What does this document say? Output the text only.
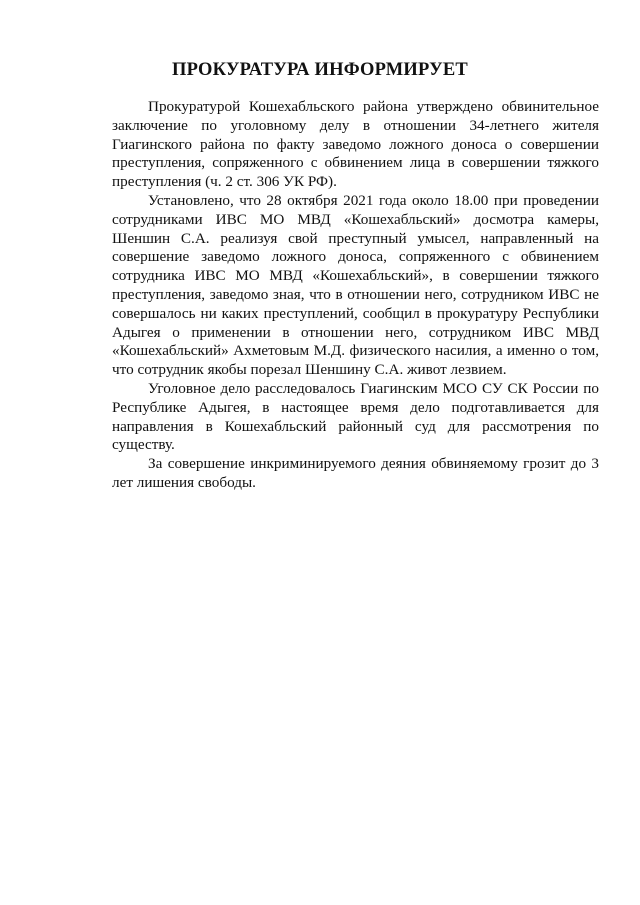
ПРОКУРАТУРА ИНФОРМИРУЕТ

Прокуратурой Кошехабльского района утверждено обвинительное заключение по уголовному делу в отношении 34-летнего жителя Гиагинского района по факту заведомо ложного доноса о совершении преступления, сопряженного с обвинением лица в совершении тяжкого преступления (ч. 2 ст. 306 УК РФ).

Установлено, что 28 октября 2021 года около 18.00 при проведении сотрудниками ИВС МО МВД «Кошехабльский» досмотра камеры, Шеншин С.А. реализуя свой преступный умысел, направленный на совершение заведомо ложного доноса, сопряженного с обвинением сотрудника ИВС МО МВД «Кошехабльский», в совершении тяжкого преступления, заведомо зная, что в отношении него, сотрудником ИВС не совершалось ни каких преступлений, сообщил в прокуратуру Республики Адыгея о применении в отношении него, сотрудником ИВС МВД «Кошехабльский» Ахметовым М.Д. физического насилия, а именно о том, что сотрудник якобы порезал Шеншину С.А. живот лезвием.

Уголовное дело расследовалось Гиагинским МСО СУ СК России по Республике Адыгея, в настоящее время дело подготавливается для направления в Кошехабльский районный суд для рассмотрения по существу.

За совершение инкриминируемого деяния обвиняемому грозит до 3 лет лишения свободы.
